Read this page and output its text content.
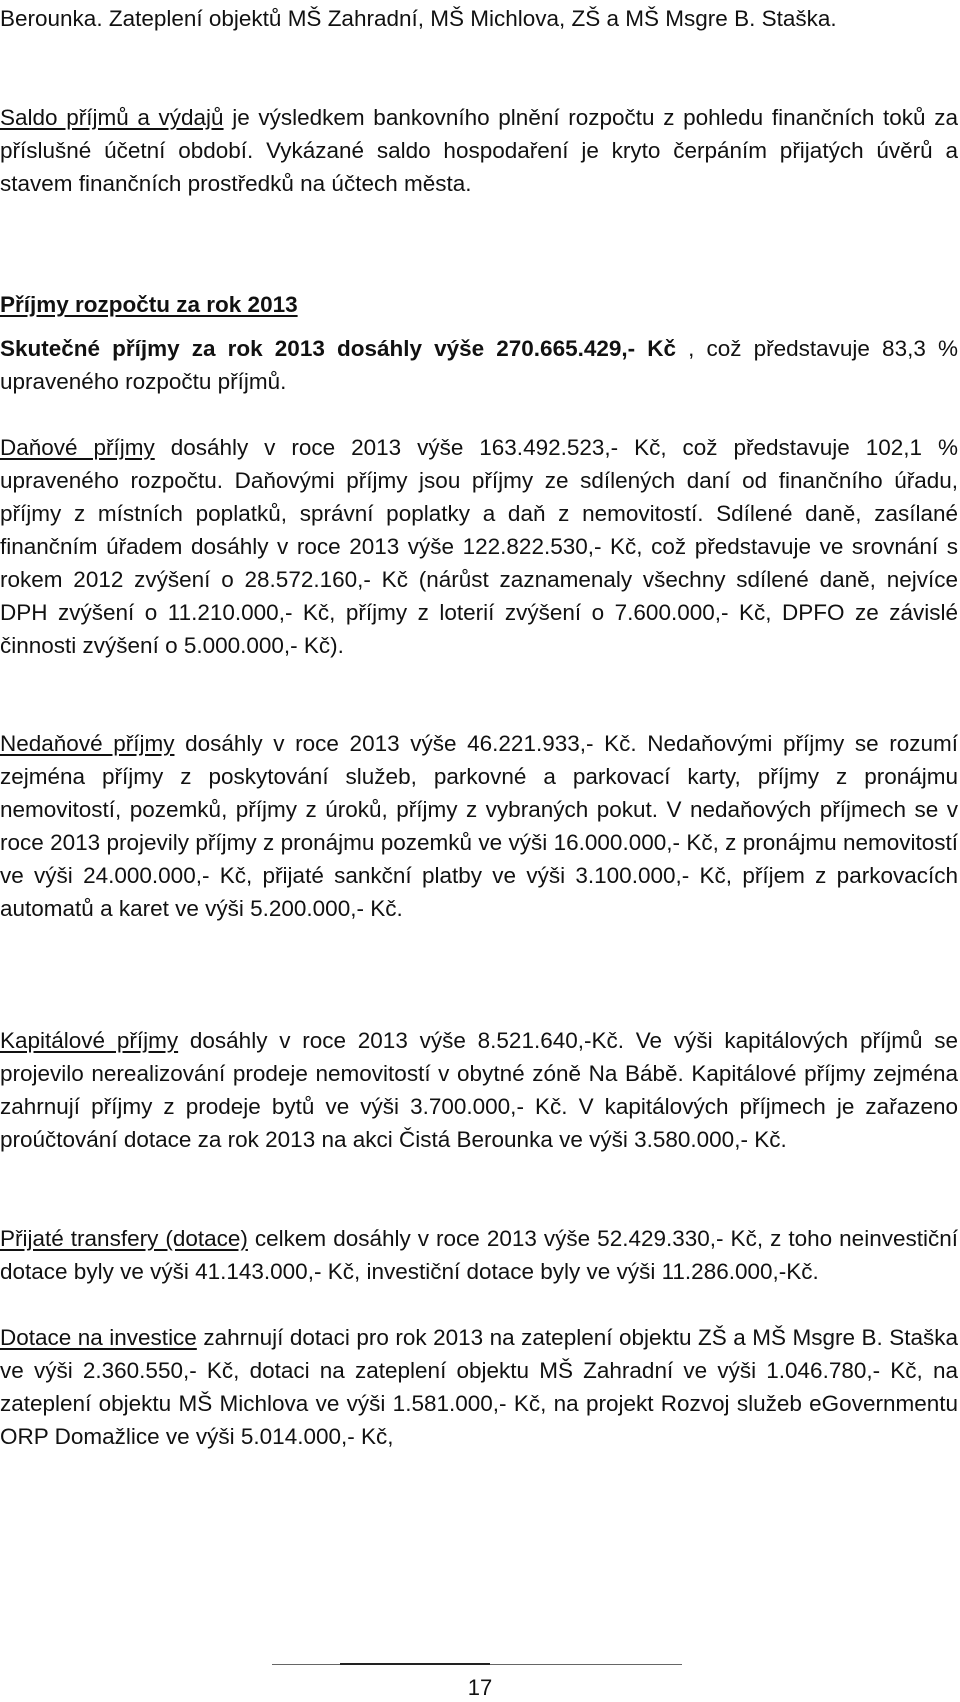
Berounka. Zateplení objektů MŠ Zahradní, MŠ Michlova, ZŠ a MŠ Msgre B. Staška.

Saldo příjmů a výdajů je výsledkem bankovního plnění rozpočtu z pohledu finančních toků za příslušné účetní období. Vykázané saldo hospodaření je kryto čerpáním přijatých úvěrů a stavem finančních prostředků na účtech města.

Příjmy rozpočtu za rok 2013

Skutečné příjmy za rok 2013 dosáhly výše 270.665.429,- Kč , což představuje 83,3 % upraveného rozpočtu příjmů.

Daňové příjmy dosáhly v roce 2013 výše 163.492.523,- Kč, což představuje 102,1 % upraveného rozpočtu. Daňovými příjmy jsou příjmy ze sdílených daní od finančního úřadu, příjmy z místních poplatků, správní poplatky a daň z nemovitostí. Sdílené daně, zasílané finančním úřadem dosáhly v roce 2013 výše 122.822.530,- Kč, což představuje ve srovnání s rokem 2012 zvýšení o 28.572.160,- Kč (nárůst zaznamenaly všechny sdílené daně, nejvíce DPH zvýšení o 11.210.000,- Kč, příjmy z loterií zvýšení o 7.600.000,- Kč, DPFO ze závislé činnosti zvýšení o 5.000.000,- Kč).

Nedaňové příjmy dosáhly v roce 2013 výše 46.221.933,- Kč. Nedaňovými příjmy se rozumí zejména příjmy z poskytování služeb, parkovné a parkovací karty, příjmy z pronájmu nemovitostí, pozemků, příjmy z úroků, příjmy z vybraných pokut. V nedaňových příjmech se v roce 2013 projevily příjmy z pronájmu pozemků ve výši 16.000.000,- Kč, z pronájmu nemovitostí ve výši 24.000.000,- Kč, přijaté sankční platby ve výši 3.100.000,- Kč, příjem z parkovacích automatů a karet ve výši 5.200.000,- Kč.

Kapitálové příjmy dosáhly v roce 2013 výše 8.521.640,-Kč. Ve výši kapitálových příjmů se projevilo nerealizování prodeje nemovitostí v obytné zóně Na Bábě. Kapitálové příjmy zejména zahrnují příjmy z prodeje bytů ve výši 3.700.000,- Kč. V kapitálových příjmech je zařazeno proúčtování dotace za rok 2013 na akci Čistá Berounka ve výši 3.580.000,- Kč.

Přijaté transfery (dotace) celkem dosáhly v roce 2013 výše 52.429.330,- Kč, z toho neinvestiční dotace byly ve výši 41.143.000,- Kč, investiční dotace byly ve výši 11.286.000,-Kč.

Dotace na investice zahrnují dotaci pro rok 2013 na zateplení objektu ZŠ a MŠ Msgre B. Staška ve výši 2.360.550,- Kč, dotaci na zateplení objektu MŠ Zahradní ve výši 1.046.780,- Kč, na zateplení objektu MŠ Michlova ve výši 1.581.000,- Kč, na projekt Rozvoj služeb eGovernmentu ORP Domažlice ve výši 5.014.000,- Kč,

17
